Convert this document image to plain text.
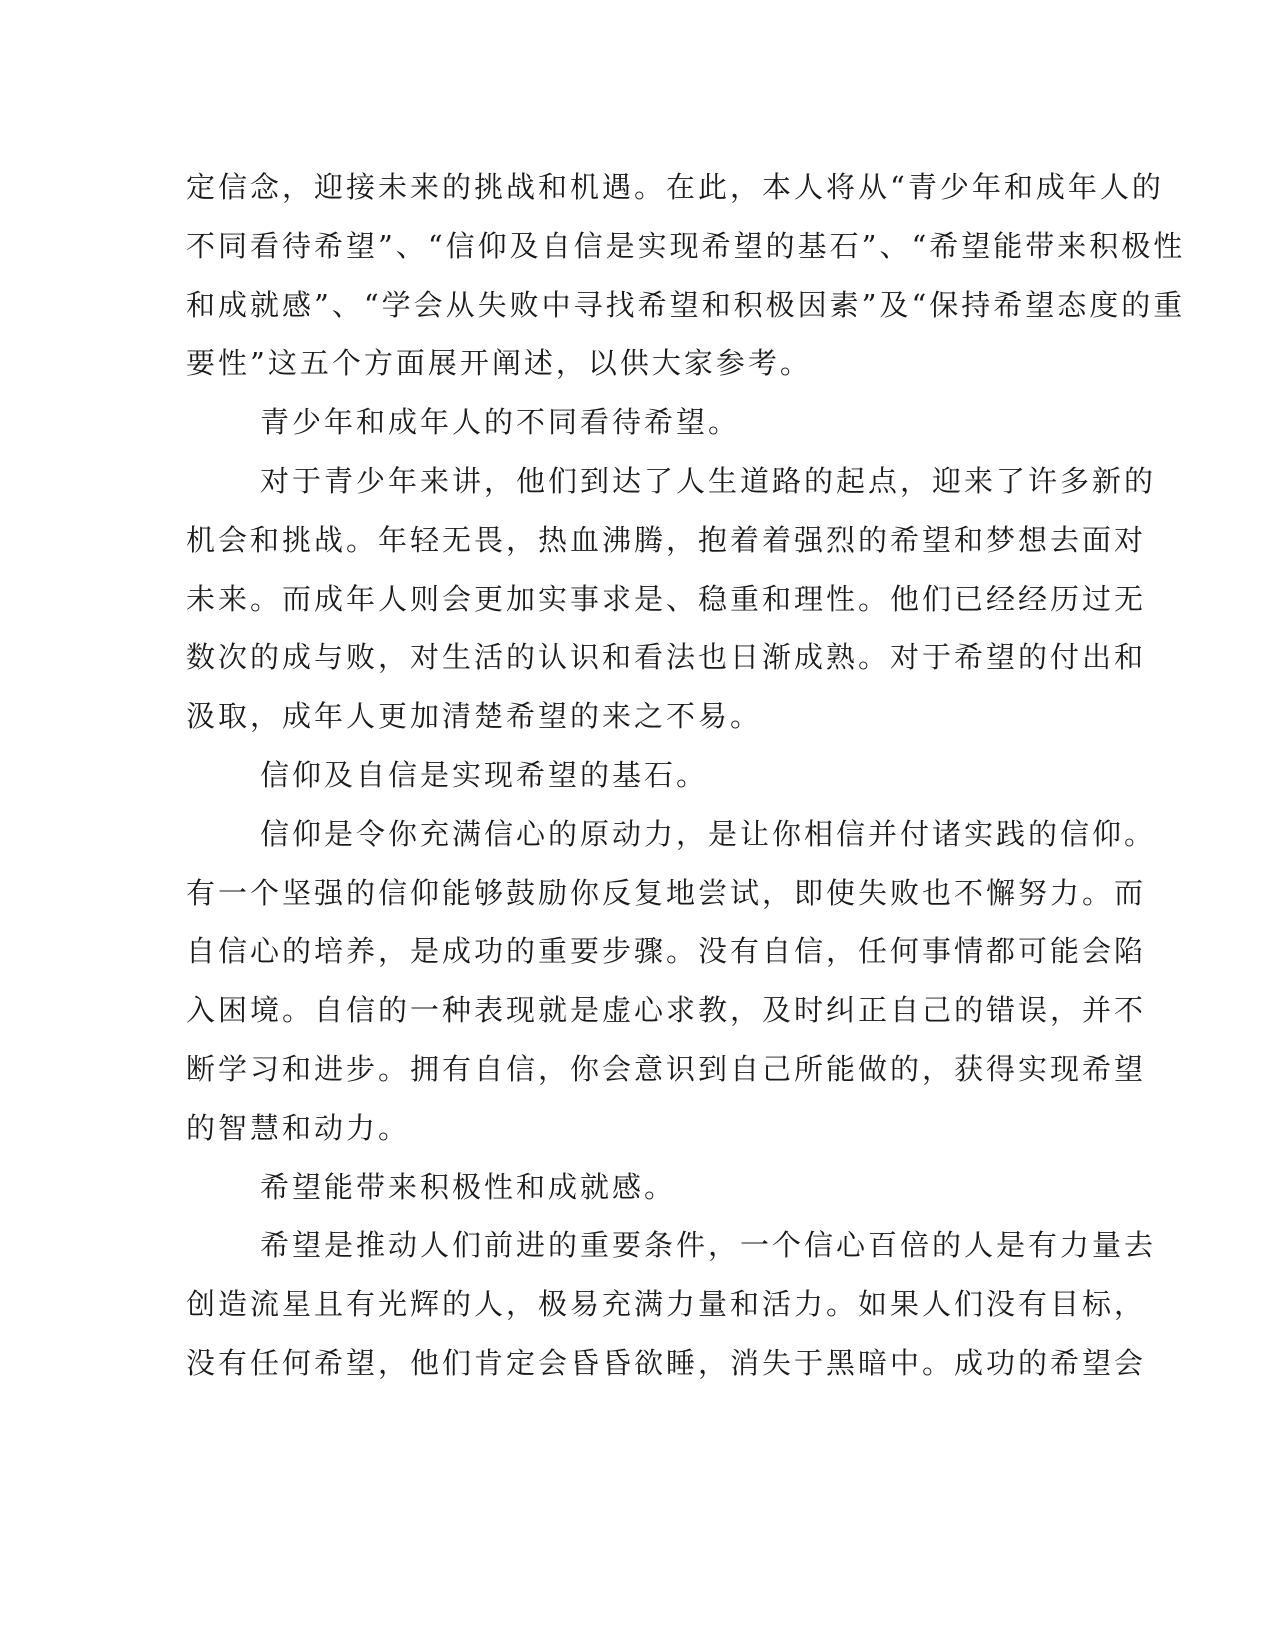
定信念，迎接未来的挑战和机遇。在此，本人将从“青少年和成年人的
不同看待希望”、“信仰及自信是实现希望的基石”、“希望能带来积极性
和成就感”、“学会从失败中寻找希望和积极因素”及“保持希望态度的重
要性”这五个方面展开阐述，以供大家参考。

青少年和成年人的不同看待希望。

对于青少年来讲，他们到达了人生道路的起点，迎来了许多新的
机会和挑战。年轻无畏，热血沸腾，抱着着强烈的希望和梦想去面对
未来。而成年人则会更加实事求是、稳重和理性。他们已经经历过无
数次的成与败，对生活的认识和看法也日渐成熟。对于希望的付出和
汲取，成年人更加清楚希望的来之不易。

信仰及自信是实现希望的基石。

信仰是令你充满信心的原动力，是让你相信并付诸实践的信仰。
有一个坚强的信仰能够鼓励你反复地尝试，即使失败也不懈努力。而
自信心的培养，是成功的重要步骤。没有自信，任何事情都可能会陷
入困境。自信的一种表现就是虚心求教，及时纠正自己的错误，并不
断学习和进步。拥有自信，你会意识到自己所能做的，获得实现希望
的智慧和动力。

希望能带来积极性和成就感。

希望是推动人们前进的重要条件，一个信心百倍的人是有力量去
创造流星且有光辉的人，极易充满力量和活力。如果人们没有目标，
没有任何希望，他们肯定会昏昏欲睡，消失于黑暗中。成功的希望会
